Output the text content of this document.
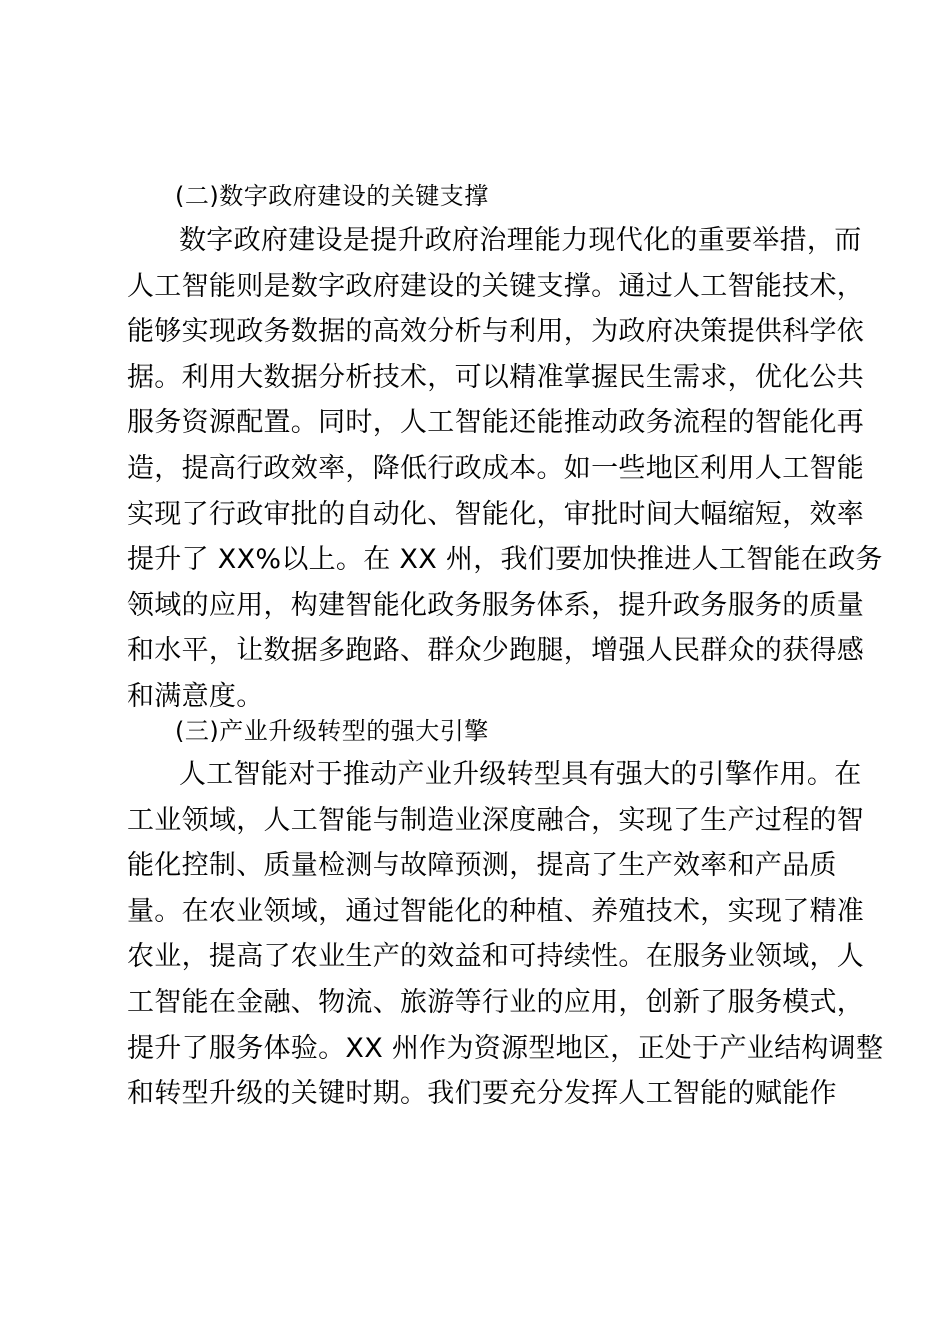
(二)数字政府建设的关键支撑
数字政府建设是提升政府治理能力现代化的重要举措，而
人工智能则是数字政府建设的关键支撑。通过人工智能技术，
能够实现政务数据的高效分析与利用，为政府决策提供科学依
据。利用大数据分析技术，可以精准掌握民生需求，优化公共
服务资源配置。同时，人工智能还能推动政务流程的智能化再
造，提高行政效率，降低行政成本。如一些地区利用人工智能
实现了行政审批的自动化、智能化，审批时间大幅缩短，效率
提升了 XX%以上。在 XX 州，我们要加快推进人工智能在政务
领域的应用，构建智能化政务服务体系，提升政务服务的质量
和水平，让数据多跑路、群众少跑腿，增强人民群众的获得感
和满意度。
(三)产业升级转型的强大引擎
人工智能对于推动产业升级转型具有强大的引擎作用。在
工业领域，人工智能与制造业深度融合，实现了生产过程的智
能化控制、质量检测与故障预测，提高了生产效率和产品质
量。在农业领域，通过智能化的种植、养殖技术，实现了精准
农业，提高了农业生产的效益和可持续性。在服务业领域，人
工智能在金融、物流、旅游等行业的应用，创新了服务模式，
提升了服务体验。XX 州作为资源型地区，正处于产业结构调整
和转型升级的关键时期。我们要充分发挥人工智能的赋能作
